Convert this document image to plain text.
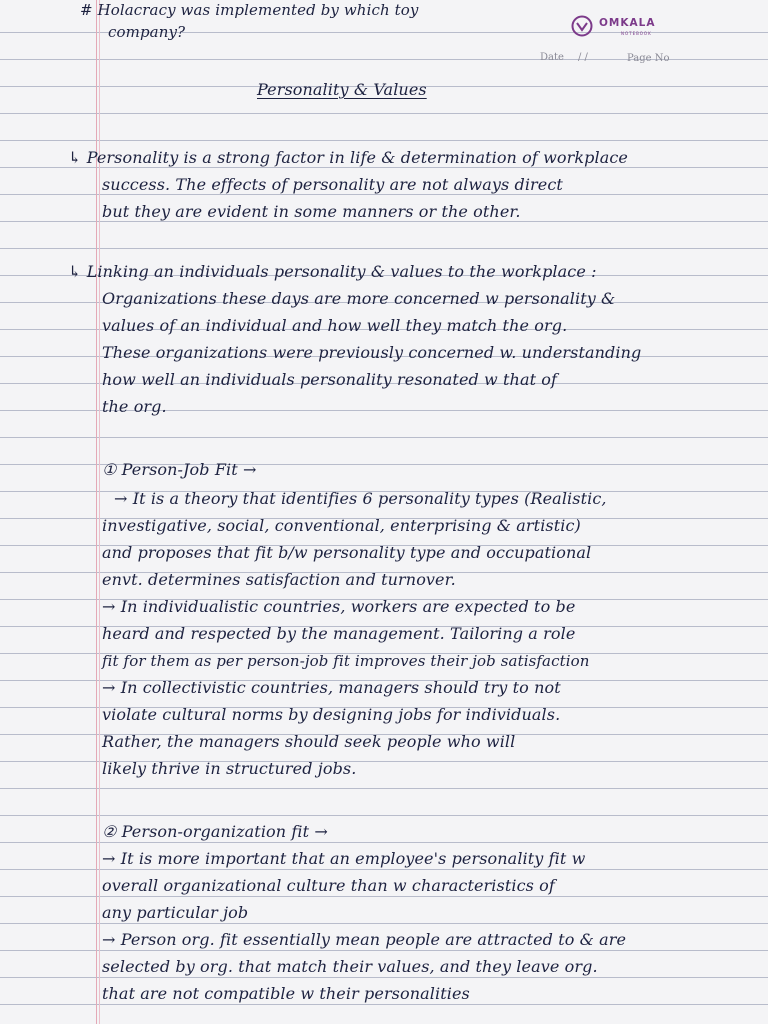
# Holacracy was implemented by which toy
company?	OMKALA
NOTEBOOK
Date / /	Page No
Personality & Values
↳ Personality is a strong factor in life & determination of workplace
success. The effects of personality are not always direct
but they are evident in some manners or the other.
↳ Linking an individuals personality & values to the workplace :
Organizations these days are more concerned w personality &
values of an individual and how well they match the org.
These organizations were previously concerned w. understanding
how well an individuals personality resonated w that of
the org.
① Person-Job Fit →
→ It is a theory that identifies 6 personality types (Realistic,
investigative, social, conventional, enterprising & artistic)
and proposes that fit b/w personality type and occupational
envt. determines satisfaction and turnover.
→ In individualistic countries, workers are expected to be
heard and respected by the management. Tailoring a role
fit for them as per person-job fit improves their job satisfaction
→ In collectivistic countries, managers should try to not
violate cultural norms by designing jobs for individuals.
Rather, the managers should seek people who will
likely thrive in structured jobs.
② Person-organization fit →
→ It is more important that an employee's personality fit w
overall organizational culture than w characteristics of
any particular job
→ Person org. fit essentially mean people are attracted to & are
selected by org. that match their values, and they leave org.
that are not compatible w their personalities
